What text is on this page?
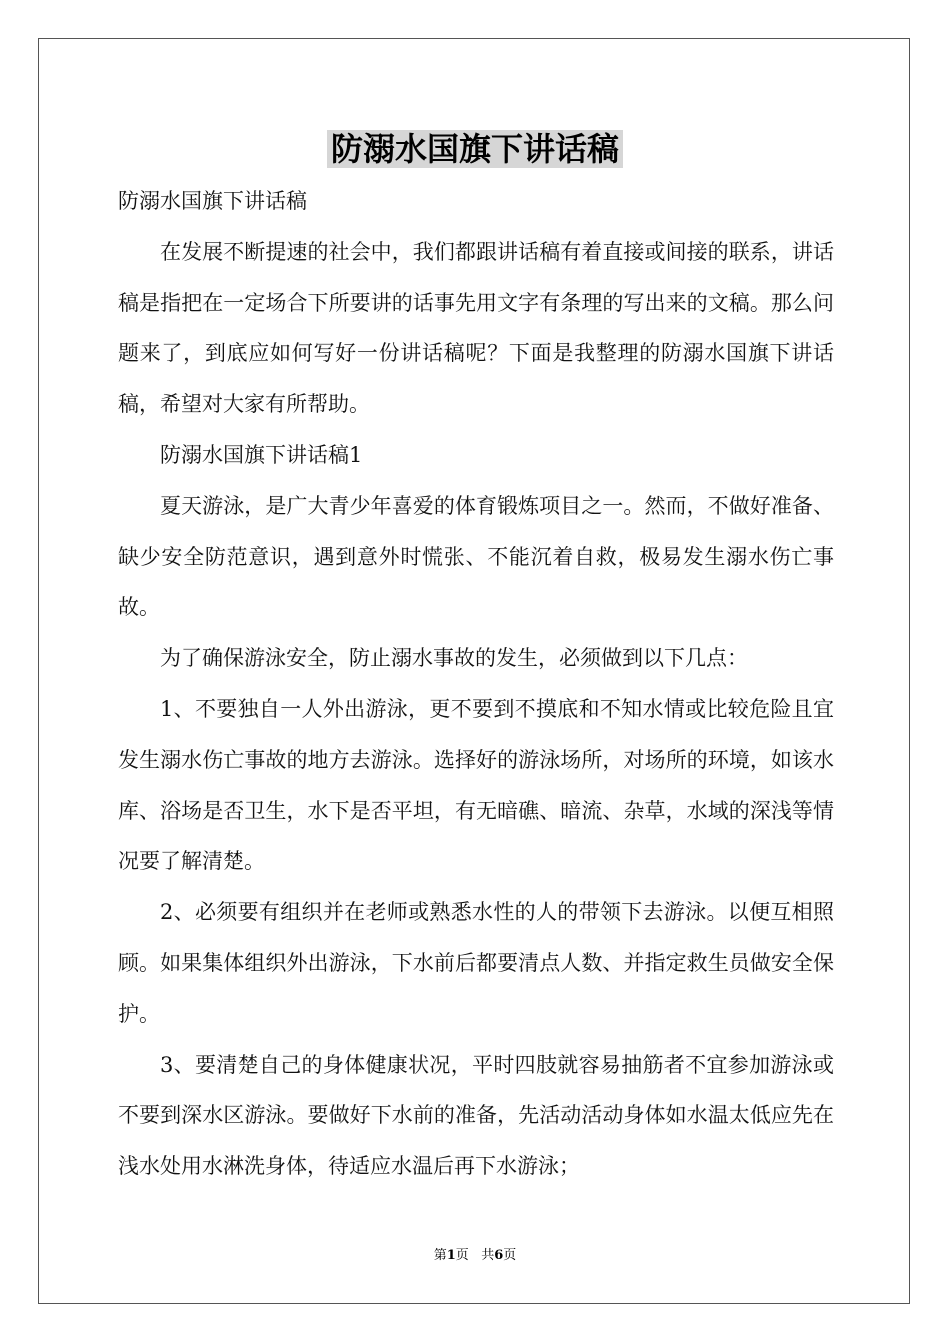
防溺水国旗下讲话稿

防溺水国旗下讲话稿

在发展不断提速的社会中，我们都跟讲话稿有着直接或间接的联系，讲话稿是指把在一定场合下所要讲的话事先用文字有条理的写出来的文稿。那么问题来了，到底应如何写好一份讲话稿呢？下面是我整理的防溺水国旗下讲话稿，希望对大家有所帮助。

防溺水国旗下讲话稿1

夏天游泳，是广大青少年喜爱的体育锻炼项目之一。然而，不做好准备、缺少安全防范意识，遇到意外时慌张、不能沉着自救，极易发生溺水伤亡事故。

为了确保游泳安全，防止溺水事故的发生，必须做到以下几点：

1、不要独自一人外出游泳，更不要到不摸底和不知水情或比较危险且宜发生溺水伤亡事故的地方去游泳。选择好的游泳场所，对场所的环境，如该水库、浴场是否卫生，水下是否平坦，有无暗礁、暗流、杂草，水域的深浅等情况要了解清楚。

2、必须要有组织并在老师或熟悉水性的人的带领下去游泳。以便互相照顾。如果集体组织外出游泳，下水前后都要清点人数、并指定救生员做安全保护。

3、要清楚自己的身体健康状况，平时四肢就容易抽筋者不宜参加游泳或不要到深水区游泳。要做好下水前的准备，先活动活动身体如水温太低应先在浅水处用水淋洗身体，待适应水温后再下水游泳；

第1页 共6页
